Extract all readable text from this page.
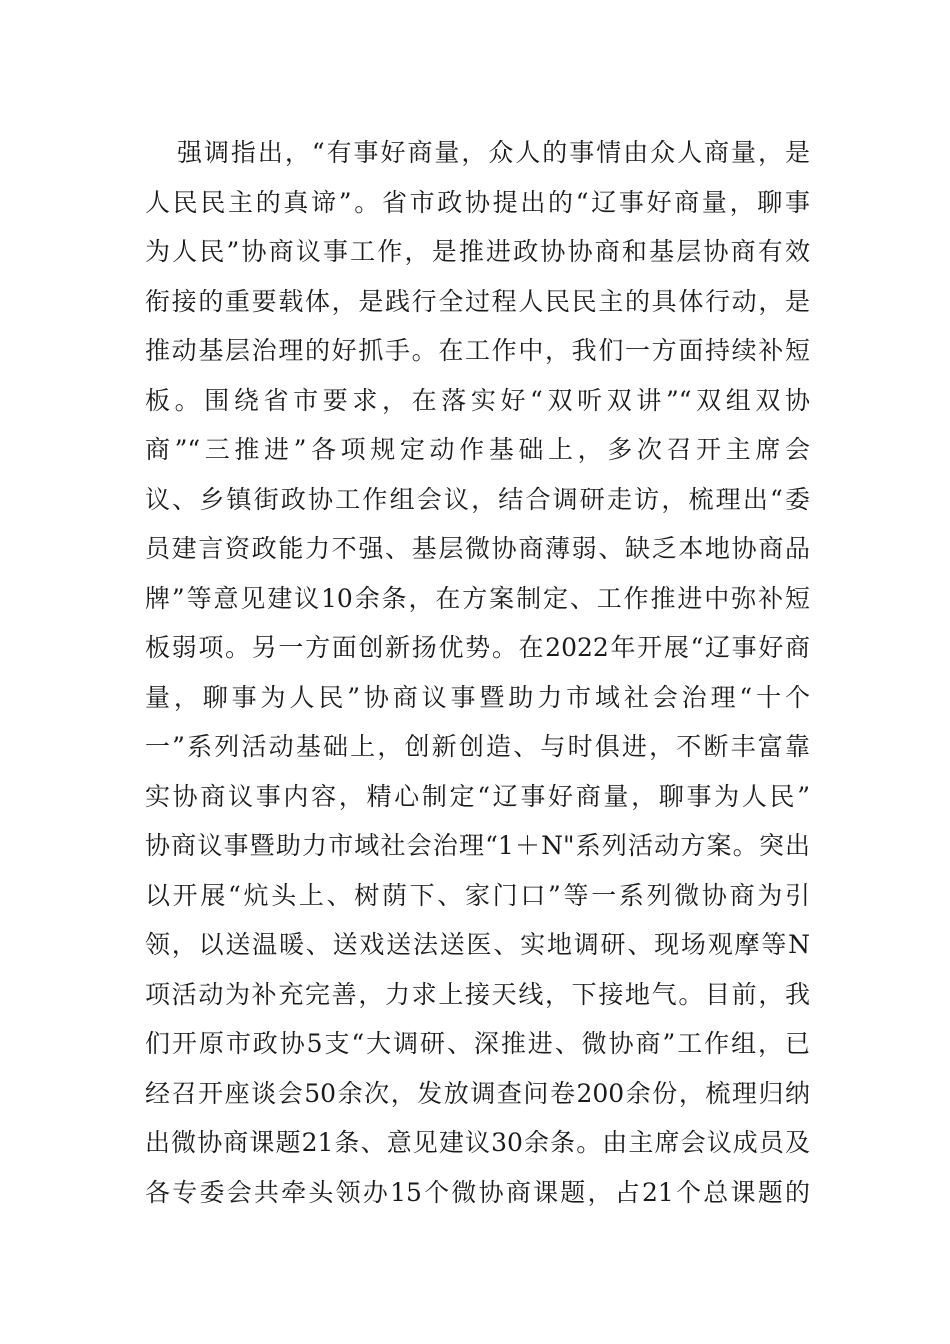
强调指出，“有事好商量，众人的事情由众人商量，是
人民民主的真谛”。省市政协提出的“辽事好商量，聊事
为人民”协商议事工作，是推进政协协商和基层协商有效
衔接的重要载体，是践行全过程人民民主的具体行动，是
推动基层治理的好抓手。在工作中，我们一方面持续补短
板。围绕省市要求，在落实好“双听双讲”“双组双协
商”“三推进”各项规定动作基础上，多次召开主席会
议、乡镇街政协工作组会议，结合调研走访，梳理出“委
员建言资政能力不强、基层微协商薄弱、缺乏本地协商品
牌”等意见建议10余条，在方案制定、工作推进中弥补短
板弱项。另一方面创新扬优势。在2022年开展“辽事好商
量，聊事为人民”协商议事暨助力市域社会治理“十个
一”系列活动基础上，创新创造、与时俱进，不断丰富靠
实协商议事内容，精心制定“辽事好商量，聊事为人民”
协商议事暨助力市域社会治理“1＋N"系列活动方案。突出
以开展“炕头上、树荫下、家门口”等一系列微协商为引
领，以送温暖、送戏送法送医、实地调研、现场观摩等N
项活动为补充完善，力求上接天线，下接地气。目前，我
们开原市政协5支“大调研、深推进、微协商”工作组，已
经召开座谈会50余次，发放调查问卷200余份，梳理归纳
出微协商课题21条、意见建议30余条。由主席会议成员及
各专委会共牵头领办15个微协商课题，占21个总课题的
